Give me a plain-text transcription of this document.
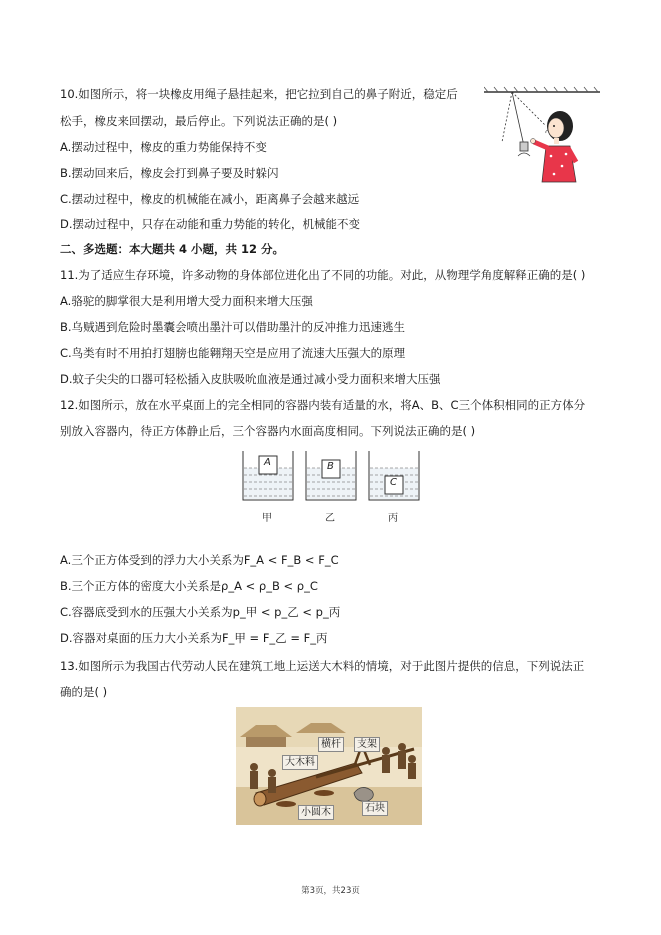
10.如图所示，将一块橡皮用绳子悬挂起来，把它拉到自己的鼻子附近，稳定后
松手，橡皮来回摆动，最后停止。下列说法正确的是( )
A.摆动过程中，橡皮的重力势能保持不变
B.摆动回来后，橡皮会打到鼻子要及时躲闪
C.摆动过程中，橡皮的机械能在减小，距离鼻子会越来越远
D.摆动过程中，只存在动能和重力势能的转化，机械能不变
二、多选题：本大题共 4 小题，共 12 分。
11.为了适应生存环境，许多动物的身体部位进化出了不同的功能。对此，从物理学角度解释正确的是( )
A.骆驼的脚掌很大是利用增大受力面积来增大压强
B.乌贼遇到危险时墨囊会喷出墨汁可以借助墨汁的反冲推力迅速逃生
C.鸟类有时不用拍打翅膀也能翱翔天空是应用了流速大压强大的原理
D.蚊子尖尖的口器可轻松插入皮肤吸吮血液是通过减小受力面积来增大压强
12.如图所示，放在水平桌面上的完全相同的容器内装有适量的水，将A、B、C三个体积相同的正方体分
别放入容器内，待正方体静止后，三个容器内水面高度相同。下列说法正确的是( )
A	B
C
甲	乙	丙
A.三个正方体受到的浮力大小关系为F_A < F_B < F_C
B.三个正方体的密度大小关系是ρ_A < ρ_B < ρ_C
C.容器底受到水的压强大小关系为p_甲 < p_乙 < p_丙
D.容器对桌面的压力大小关系为F_甲 = F_乙 = F_丙
13.如图所示为我国古代劳动人民在建筑工地上运送大木料的情境，对于此图片提供的信息，下列说法正
确的是( )
横杆	支架
大木料
小圆木	石块
第3页，共23页
